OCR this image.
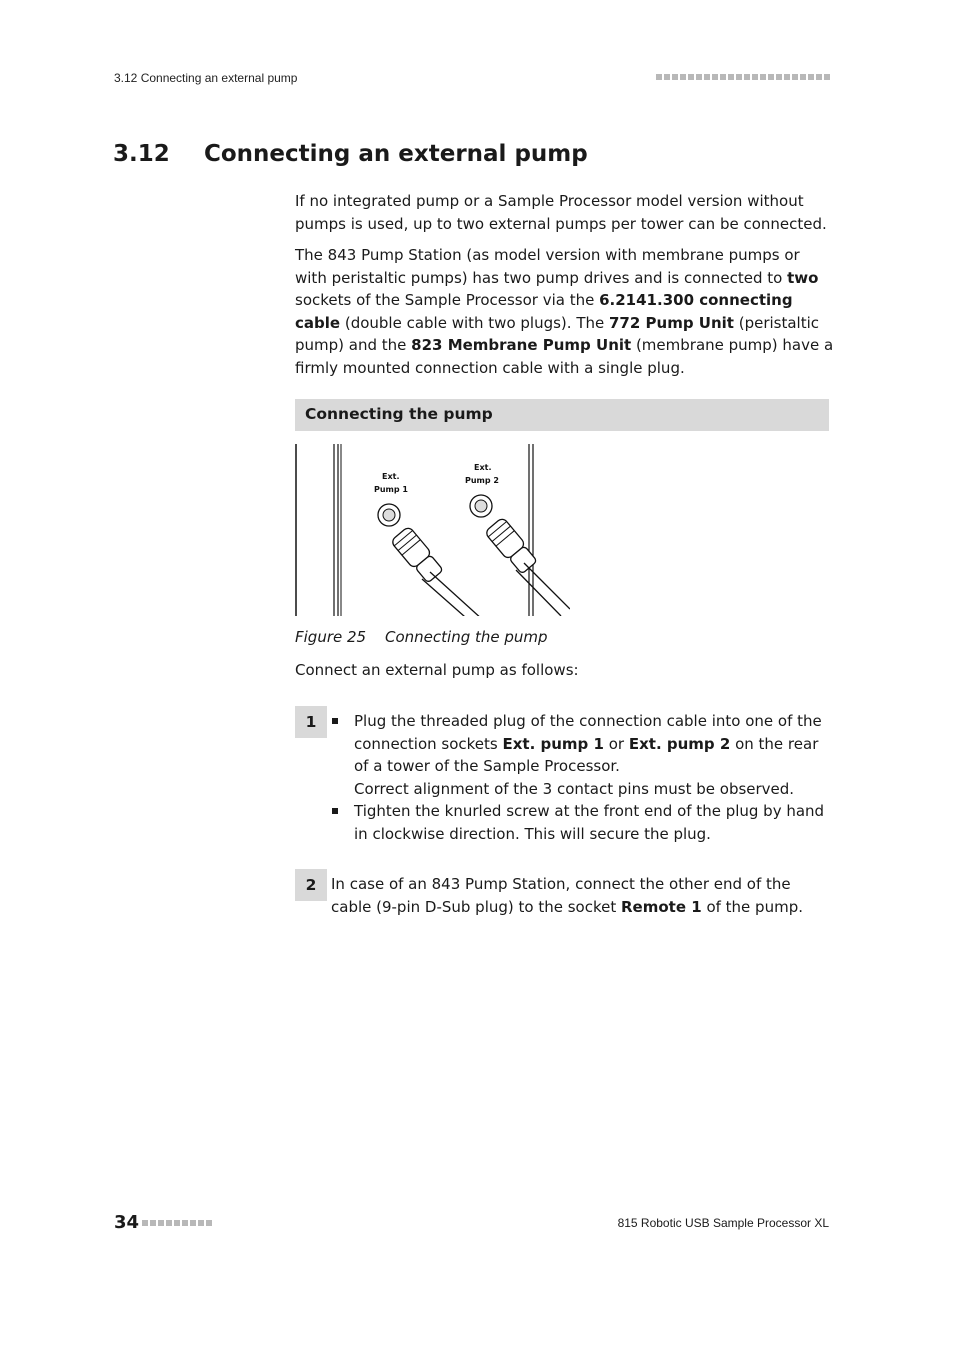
3.12 Connecting an external pump
3.12 Connecting an external pump
If no integrated pump or a Sample Processor model version without pumps is used, up to two external pumps per tower can be connected.
The 843 Pump Station (as model version with membrane pumps or with peristaltic pumps) has two pump drives and is connected to two sockets of the Sample Processor via the 6.2141.300 connecting cable (double cable with two plugs). The 772 Pump Unit (peristaltic pump) and the 823 Membrane Pump Unit (membrane pump) have a firmly mounted connection cable with a single plug.
Connecting the pump
Ext.
Pump 1
Ext.
Pump 2
Figure 25 Connecting the pump
Connect an external pump as follows:
1	Plug the threaded plug of the connection cable into one of the connection sockets Ext. pump 1 or Ext. pump 2 on the rear of a tower of the Sample Processor.
Correct alignment of the 3 contact pins must be observed.
Tighten the knurled screw at the front end of the plug by hand in clockwise direction. This will secure the plug.
2 In case of an 843 Pump Station, connect the other end of the cable (9-pin D-Sub plug) to the socket Remote 1 of the pump.
34	815 Robotic USB Sample Processor XL
